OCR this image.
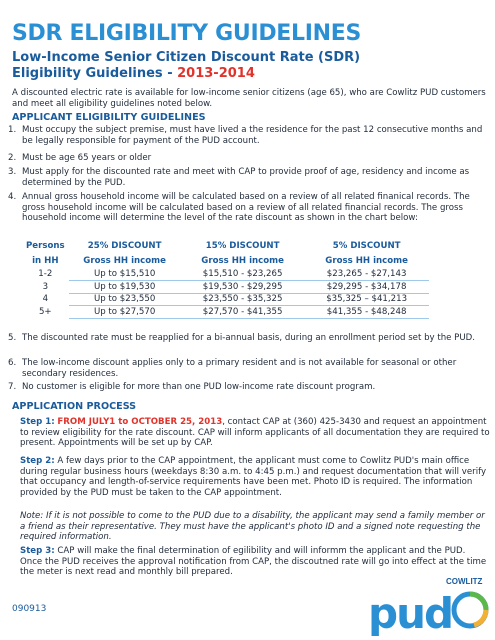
SDR ELIGIBILITY GUIDELINES
Low-Income Senior Citizen Discount Rate (SDR)
Eligibility Guidelines - 2013-2014
A discounted electric rate is available for low-income senior citizens (age 65), who are Cowlitz PUD customers and meet all eligibility guidelines noted below.
APPLICANT ELIGIBILITY GUIDELINES
1. Must occupy the subject premise, must have lived a the residence for the past 12 consecutive months and be legally responsible for payment of the PUD account.
2. Must be age 65 years or older
3. Must apply for the discounted rate and meet with CAP to provide proof of age, residency and income as determined by the PUD.
4. Annual gross household income will be calculated based on a review of all related finanical records. The gross household income will be calculated based on a review of all related financial records. The gross household income will determine the level of the rate discount as shown in the chart below:
Persons	25% DISCOUNT	15% DISCOUNT	5% DISCOUNT
in HH	Gross HH income	Gross HH income	Gross HH income
1-2	Up to $15,510	$15,510 - $23,265	$23,265 - $27,143
3	Up to $19,530	$19,530 - $29,295	$29,295 - $34,178
4	Up to $23,550	$23,550 - $35,325	$35,325 – $41,213
5+	Up to $27,570	$27,570 - $41,355	$41,355 - $48,248
5. The discounted rate must be reapplied for a bi-annual basis, during an enrollment period set by the PUD.
6. The low-income discount applies only to a primary resident and is not available for seasonal or other secondary residences.
7. No customer is eligible for more than one PUD low-income rate discount program.
APPLICATION PROCESS
Step 1: FROM JULY1 to OCTOBER 25, 2013, contact CAP at (360) 425-3430 and request an appointment to review eligibility for the rate discount. CAP will inform applicants of all documentation they are required to present. Appointments will be set up by CAP.
Step 2: A few days prior to the CAP appointment, the applicant must come to Cowlitz PUD's main office during regular business hours (weekdays 8:30 a.m. to 4:45 p.m.) and request documentation that will verify that occupancy and length-of-service requirements have been met. Photo ID is required. The information provided by the PUD must be taken to the CAP appointment.
Note: If it is not possible to come to the PUD due to a disability, the applicant may send a family member or a friend as their representative. They must have the applicant's photo ID and a signed note requesting the required information.
Step 3: CAP will make the final determination of egilibility and will informm the applicant and the PUD. Once the PUD receives the approval notification from CAP, the discoutned rate will go into effect at the time the meter is next read and monthly bill prepared.
090913
COWLITZ
pud
